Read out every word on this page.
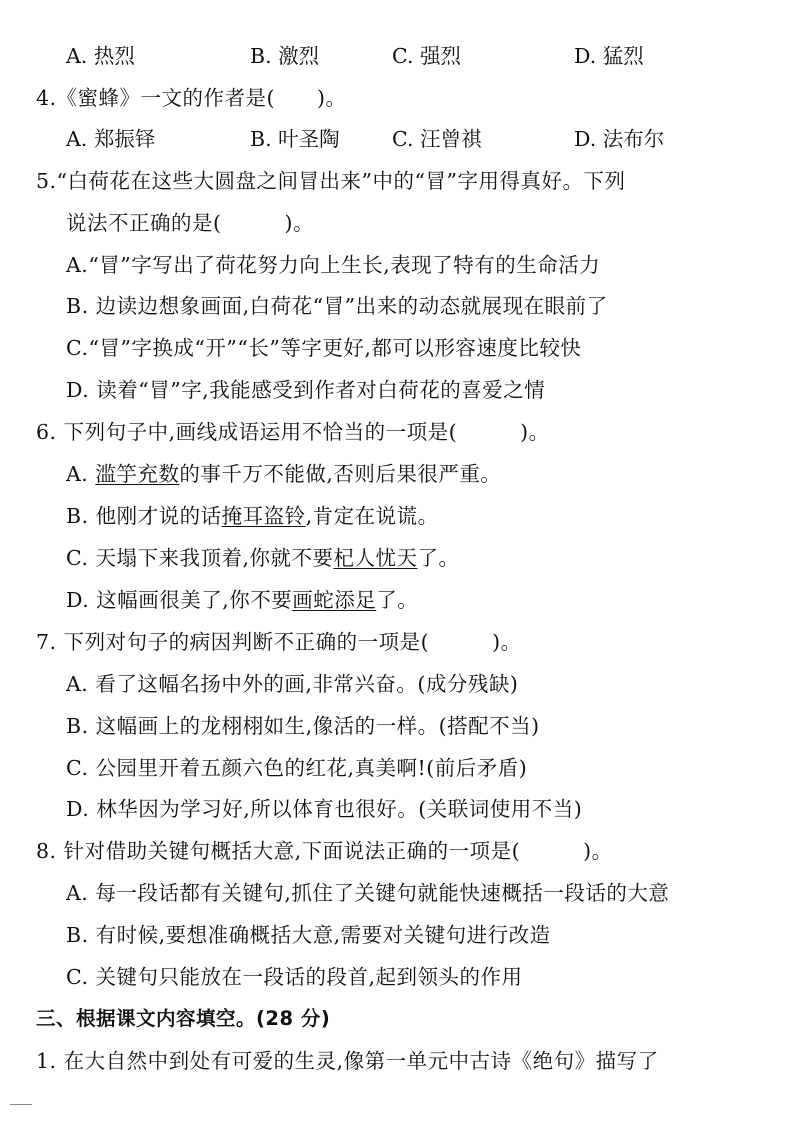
A. 热烈	B. 激烈	C. 强烈	D. 猛烈
4.《蜜蜂》一文的作者是(　　)。
A. 郑振铎	B. 叶圣陶	C. 汪曾祺	D. 法布尔
5.“白荷花在这些大圆盘之间冒出来”中的“冒”字用得真好。下列
说法不正确的是(　　　)。
A.“冒”字写出了荷花努力向上生长,表现了特有的生命活力
B. 边读边想象画面,白荷花“冒”出来的动态就展现在眼前了
C.“冒”字换成“开”“长”等字更好,都可以形容速度比较快
D. 读着“冒”字,我能感受到作者对白荷花的喜爱之情
6. 下列句子中,画线成语运用不恰当的一项是(　　　)。
A. 滥竽充数的事千万不能做,否则后果很严重。
B. 他刚才说的话掩耳盗铃,肯定在说谎。
C. 天塌下来我顶着,你就不要杞人忧天了。
D. 这幅画很美了,你不要画蛇添足了。
7. 下列对句子的病因判断不正确的一项是(　　　)。
A. 看了这幅名扬中外的画,非常兴奋。(成分残缺)
B. 这幅画上的龙栩栩如生,像活的一样。(搭配不当)
C. 公园里开着五颜六色的红花,真美啊!(前后矛盾)
D. 林华因为学习好,所以体育也很好。(关联词使用不当)
8. 针对借助关键句概括大意,下面说法正确的一项是(　　　)。
A. 每一段话都有关键句,抓住了关键句就能快速概括一段话的大意
B. 有时候,要想准确概括大意,需要对关键句进行改造
C. 关键句只能放在一段话的段首,起到领头的作用
三、根据课文内容填空。(28 分)
1. 在大自然中到处有可爱的生灵,像第一单元中古诗《绝句》描写了
